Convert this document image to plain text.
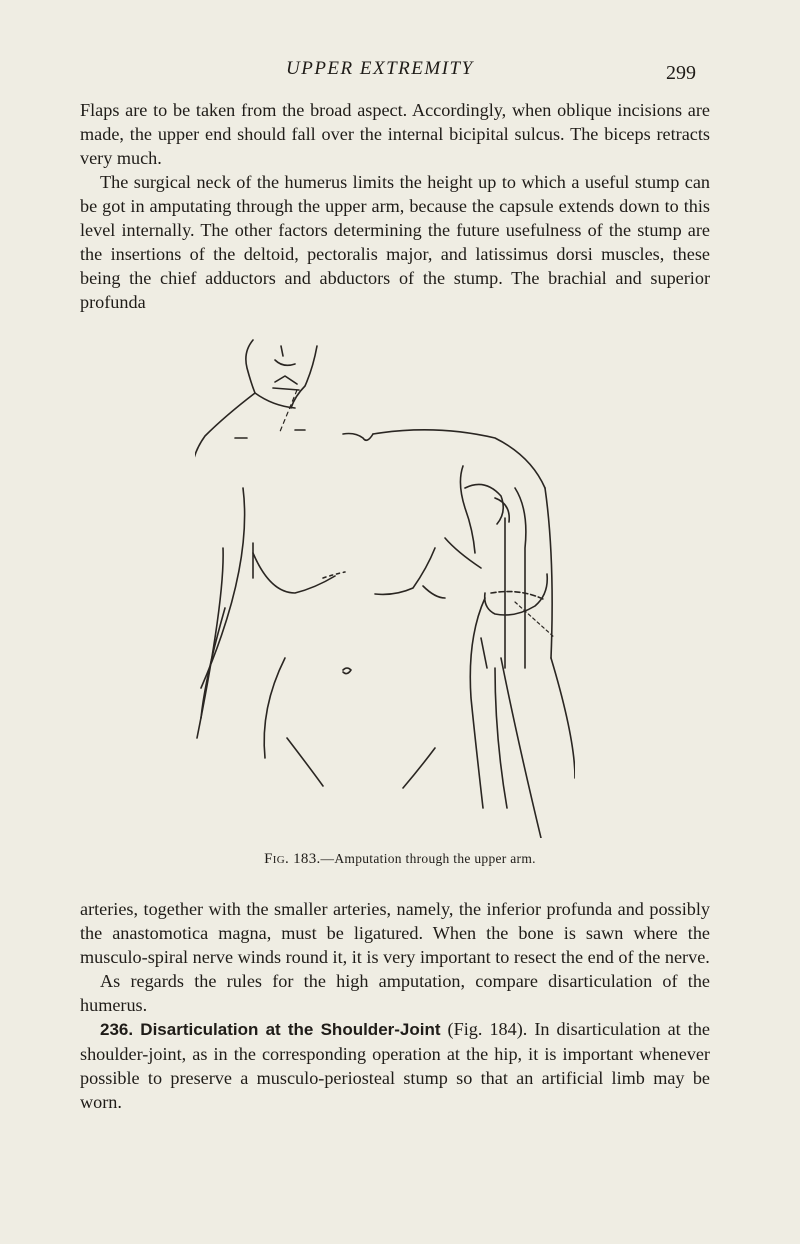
UPPER EXTREMITY	299

Flaps are to be taken from the broad aspect. Accordingly, when oblique incisions are made, the upper end should fall over the internal bicipital sulcus. The biceps retracts very much.

The surgical neck of the humerus limits the height up to which a useful stump can be got in amputating through the upper arm, because the capsule extends down to this level internally. The other factors determining the future usefulness of the stump are the insertions of the deltoid, pectoralis major, and latissimus dorsi muscles, these being the chief adductors and abductors of the stump. The brachial and superior profunda

Fig. 183.—Amputation through the upper arm.

arteries, together with the smaller arteries, namely, the inferior profunda and possibly the anastomotica magna, must be ligatured. When the bone is sawn where the musculo-spiral nerve winds round it, it is very important to resect the end of the nerve.

As regards the rules for the high amputation, compare disarticulation of the humerus.

236. Disarticulation at the Shoulder-Joint (Fig. 184). In disarticulation at the shoulder-joint, as in the corresponding operation at the hip, it is important whenever possible to preserve a musculo-periosteal stump so that an artificial limb may be worn.
